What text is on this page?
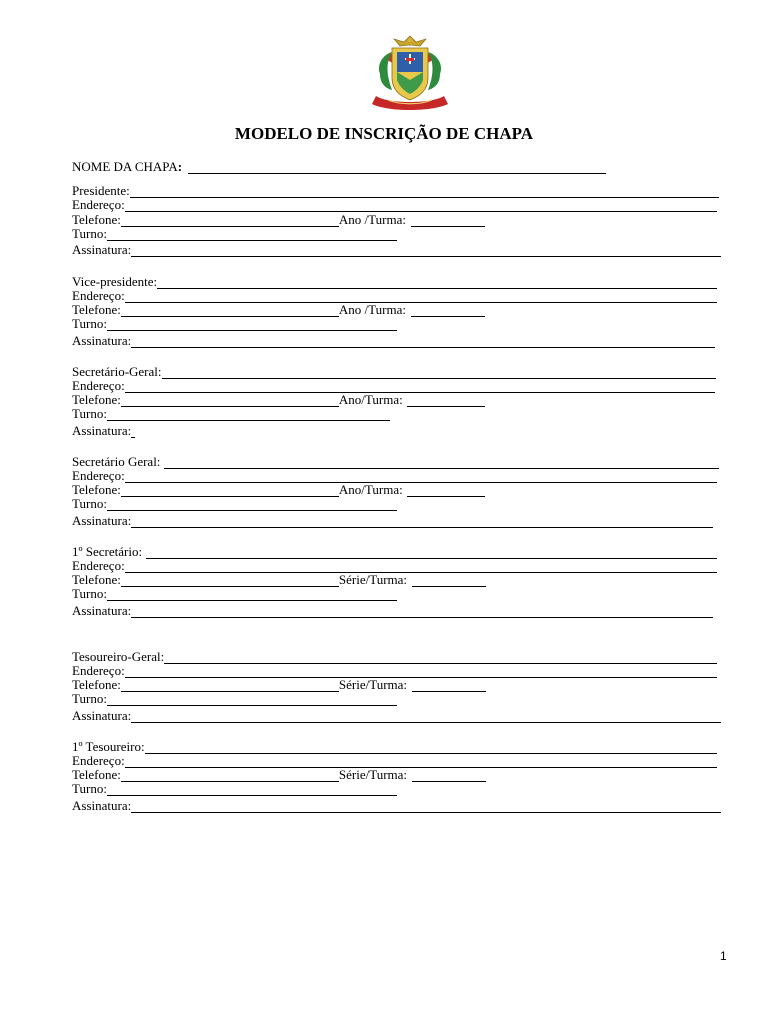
MODELO DE INSCRIÇÃO DE CHAPA
NOME DA CHAPA :
Presidente:
Endereço:
Telefone:	Ano /Turma:
Turno:
Assinatura:
Vice-presidente:
Endereço:
Telefone:	Ano /Turma:
Turno:
Assinatura:
Secretário-Geral:
Endereço:
Telefone:	Ano/Turma:
Turno:
Assinatura:
Secretário Geral:
Endereço:
Telefone:	Ano/Turma:
Turno:
Assinatura:
1º Secretário:
Endereço:
Telefone:	Série/Turma:
Turno:
Assinatura:
Tesoureiro-Geral:
Endereço:
Telefone:	Série/Turma:
Turno:
Assinatura:
1º Tesoureiro:
Endereço:
Telefone:	Série/Turma:
Turno:
Assinatura:
1
